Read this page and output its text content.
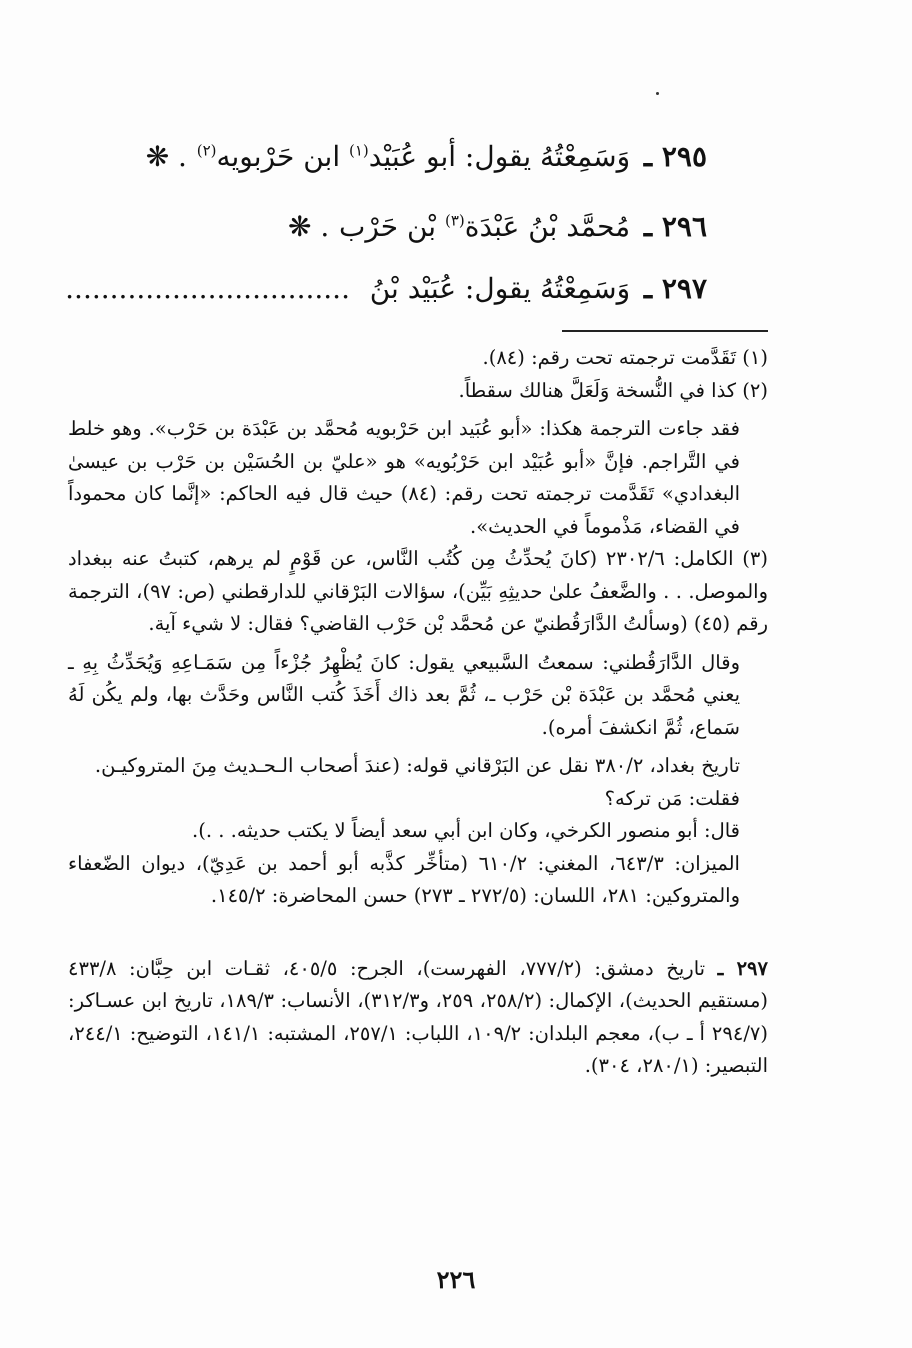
٢٩٥ ـ وَسَمِعْتُهُ يقول: أبو عُبَيْد$^{(١)}$ ابن حَرْبويه$^{(٢)}$ . ❋
٢٩٦ ـ مُحمَّد بْنُ عَبْدَة$^{(٣)}$ بْن حَرْب . ❋
٢٩٧ ـ وَسَمِعْتُهُ يقول: عُبَيْد بْنُ ................................

(١) تَقَدَّمت ترجمته تحت رقم: (٨٤).

(٢) كذا في النُّسخة وَلَعَلَّ هنالك سقطاً.

فقد جاءت الترجمة هكذا: «أبو عُبَيد ابن حَرْبويه مُحمَّد بن عَبْدَة بن حَرْب». وهو خلط في التَّراجم. فإنَّ «أبو عُبَيْد ابن حَرْبُويه» هو «عليّ بن الحُسَيْن بن حَرْب بن عيسىٰ البغدادي» تَقَدَّمت ترجمته تحت رقم: (٨٤) حيث قال فيه الحاكم: «إنَّما كان محموداً في القضاء، مَذْموماً في الحديث».

(٣) الكامل: ٢٣٠٢/٦ (كانَ يُحدِّثُ مِن كُتُب النَّاس، عن قَوْمٍ لم يرهم، كتبتُ عنه ببغداد والموصل. . . والضَّعفُ علىٰ حديثِهِ بَيِّن)، سؤالات البَرْقاني للدارقطني (ص: ٩٧)، الترجمة رقم (٤٥) (وسألتُ الدَّارَقُطنيّ عن مُحمَّد بْن حَرْب القاضي؟ فقال: لا شيء آية.

وقال الدَّارَقُطني: سمعتُ السَّبيعي يقول: كانَ يُظْهِرُ جُزْءاً مِن سَمَـاعِهِ وَيُحَدِّثُ بِهِ ـ يعني مُحمَّد بن عَبْدَة بْن حَرْب ـ، ثُمَّ بعد ذاك أَخَذَ كُتب النَّاس وحَدَّث بها، ولم يكُن لَهُ سَماع، ثُمَّ انكشفَ أمره).

تاريخ بغداد، ٣٨٠/٢ نقل عن البَرْقاني قوله: (عندَ أصحاب الـحـديث مِنَ المتروكيـن.

فقلت: مَن تركه؟

قال: أبو منصور الكرخي، وكان ابن أبي سعد أيضاً لا يكتب حديثه. . .).

الميزان: ٦٤٣/٣، المغني: ٦١٠/٢ (متأخِّر كذَّبه أبو أحمد بن عَدِيّ)، ديوان الضّعفاء والمتروكين: ٢٨١، اللسان: (٢٧٢/٥ ـ ٢٧٣) حسن المحاضرة: ١٤٥/٢.

٢٩٧ ـ تاريخ دمشق: (٧٧٧/٢، الفهرست)، الجرح: ٤٠٥/٥، ثقـات ابن حِبَّان: ٤٣٣/٨ (مستقيم الحديث)، الإكمال: (٢٥٨/٢، ٢٥٩، و٣١٢/٣)، الأنساب: ١٨٩/٣، تاريخ ابن عسـاكر: (٢٩٤/٧ أ ـ ب)، معجم البلدان: ١٠٩/٢، اللباب: ٢٥٧/١، المشتبه: ١٤١/١، التوضيح: ٢٤٤/١، التبصير: (٢٨٠/١، ٣٠٤).

٢٢٦
